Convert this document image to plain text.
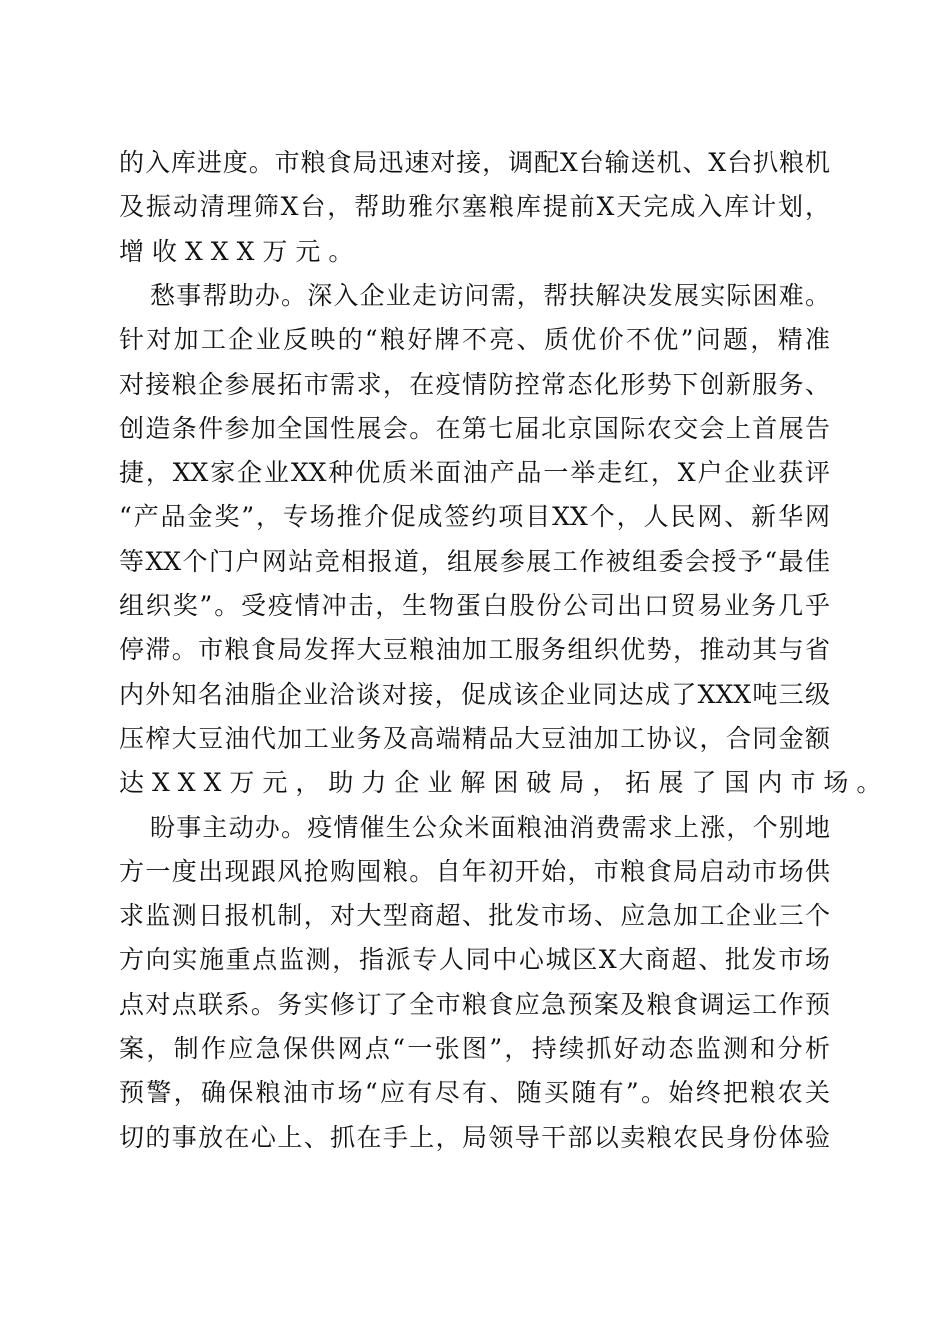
的入库进度。市粮食局迅速对接，调配X台输送机、X台扒粮机
及振动清理筛X台，帮助雅尔塞粮库提前X天完成入库计划，
增收XXX万元。
愁事帮助办。深入企业走访问需，帮扶解决发展实际困难。
针对加工企业反映的“粮好牌不亮、质优价不优”问题，精准
对接粮企参展拓市需求，在疫情防控常态化形势下创新服务、
创造条件参加全国性展会。在第七届北京国际农交会上首展告
捷，XX家企业XX种优质米面油产品一举走红，X户企业获评
“产品金奖”，专场推介促成签约项目XX个，人民网、新华网
等XX个门户网站竞相报道，组展参展工作被组委会授予“最佳
组织奖”。受疫情冲击，生物蛋白股份公司出口贸易业务几乎
停滞。市粮食局发挥大豆粮油加工服务组织优势，推动其与省
内外知名油脂企业洽谈对接，促成该企业同达成了XXX吨三级
压榨大豆油代加工业务及高端精品大豆油加工协议，合同金额
达XXX万元，助力企业解困破局，拓展了国内市场。
盼事主动办。疫情催生公众米面粮油消费需求上涨，个别地
方一度出现跟风抢购囤粮。自年初开始，市粮食局启动市场供
求监测日报机制，对大型商超、批发市场、应急加工企业三个
方向实施重点监测，指派专人同中心城区X大商超、批发市场
点对点联系。务实修订了全市粮食应急预案及粮食调运工作预
案，制作应急保供网点“一张图”，持续抓好动态监测和分析
预警，确保粮油市场“应有尽有、随买随有”。始终把粮农关
切的事放在心上、抓在手上，局领导干部以卖粮农民身份体验
